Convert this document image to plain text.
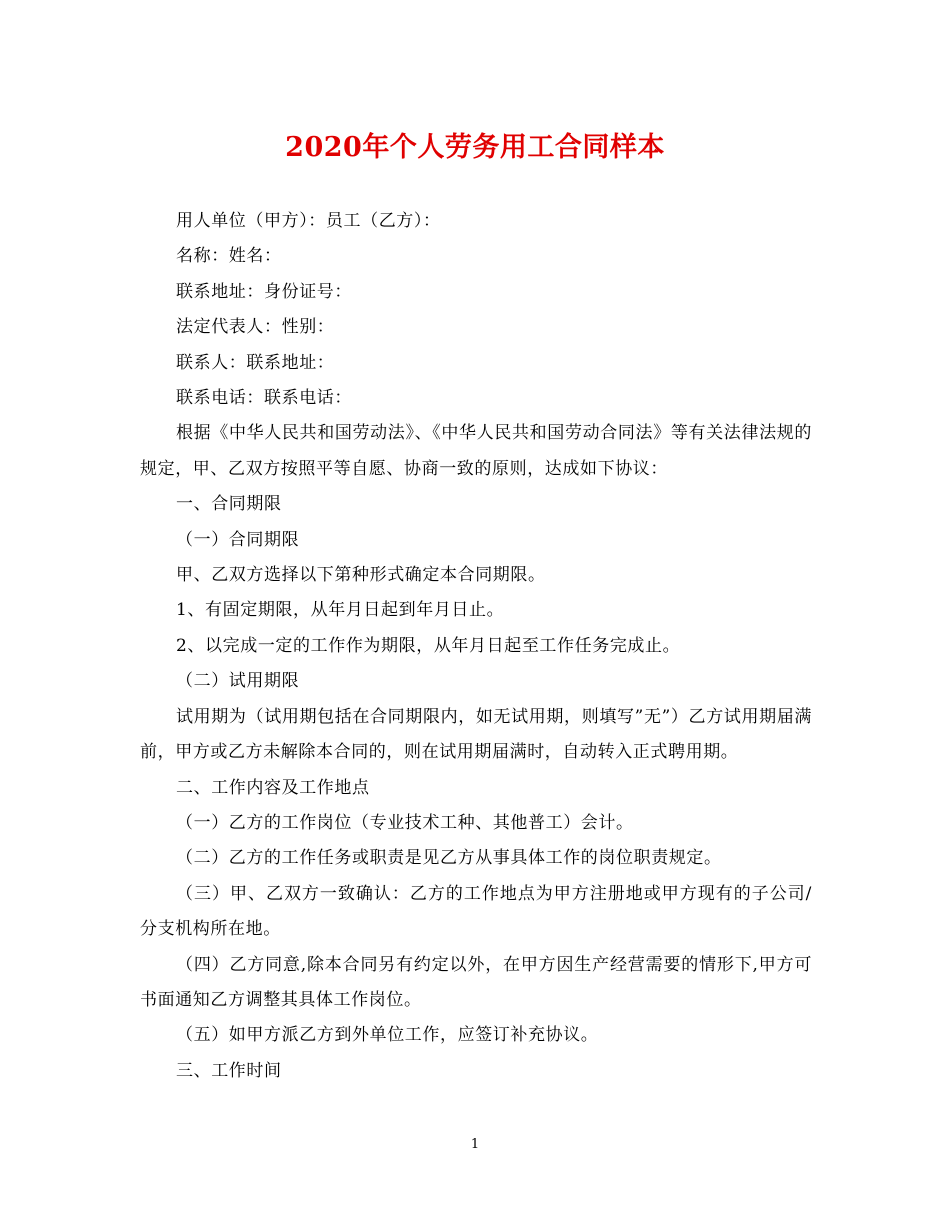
2020年个人劳务用工合同样本

用人单位（甲方）：员工（乙方）：

名称：姓名：

联系地址：身份证号：

法定代表人：性别：

联系人：联系地址：

联系电话：联系电话：

根据《中华人民共和国劳动法》、《中华人民共和国劳动合同法》等有关法律法规的规定，甲、乙双方按照平等自愿、协商一致的原则，达成如下协议：

一、合同期限

（一）合同期限

甲、乙双方选择以下第种形式确定本合同期限。

1、有固定期限，从年月日起到年月日止。

2、以完成一定的工作作为期限，从年月日起至工作任务完成止。

（二）试用期限

试用期为（试用期包括在合同期限内，如无试用期，则填写”无”）乙方试用期届满前，甲方或乙方未解除本合同的，则在试用期届满时，自动转入正式聘用期。

二、工作内容及工作地点

（一）乙方的工作岗位（专业技术工种、其他普工）会计。

（二）乙方的工作任务或职责是见乙方从事具体工作的岗位职责规定。

（三）甲、乙双方一致确认：乙方的工作地点为甲方注册地或甲方现有的子公司/分支机构所在地。

（四）乙方同意,除本合同另有约定以外，在甲方因生产经营需要的情形下,甲方可书面通知乙方调整其具体工作岗位。

（五）如甲方派乙方到外单位工作，应签订补充协议。

三、工作时间

1
